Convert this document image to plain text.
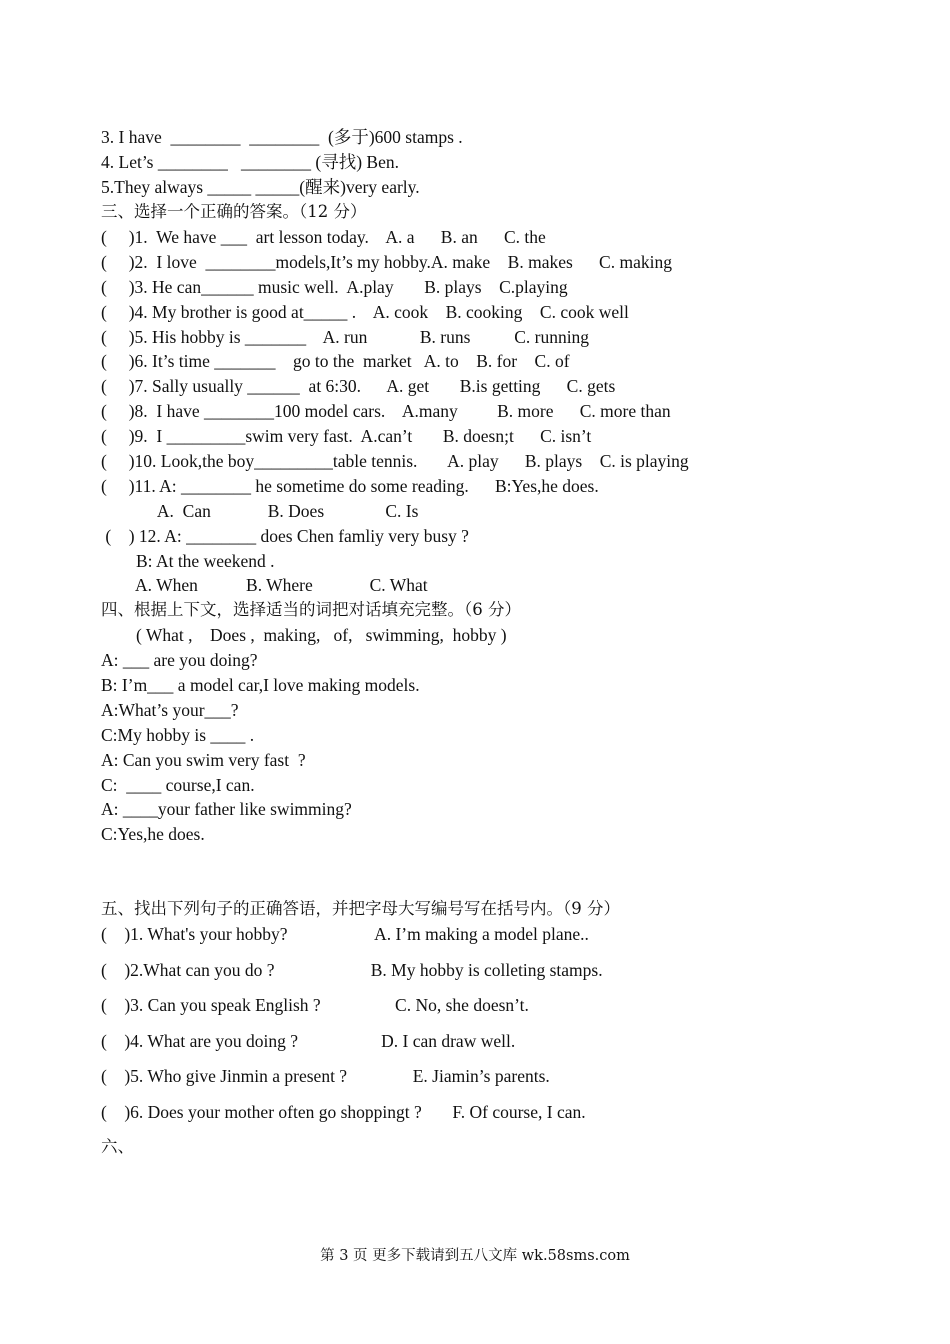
3. I have  ________  ________  (多于)600 stamps .
4. Let’s ________   ________ (寻找) Ben.
5.They always _____ _____(醒来)very early.
三、选择一个正确的答案。（12 分）
(     )1.  We have ___  art lesson today.    A. a      B. an      C. the
(     )2.  I love  ________models,It’s my hobby.A. make    B. makes      C. making
(     )3. He can______ music well.  A.play       B. plays    C.playing
(     )4. My brother is good at_____ .    A. cook    B. cooking    C. cook well
(     )5. His hobby is _______    A. run            B. runs          C. running
(     )6. It’s time _______    go to the  market   A. to    B. for    C. of
(     )7. Sally usually ______  at 6:30.      A. get       B.is getting      C. gets
(     )8.  I have ________100 model cars.    A.many         B. more      C. more than
(     )9.  I _________swim very fast.  A.can’t       B. doesn;t      C. isn’t
(     )10. Look,the boy_________table tennis.       A. play      B. plays    C. is playing
(     )11. A: ________ he sometime do some reading.      B:Yes,he does.
A.  Can             B. Does              C. Is
(    ) 12. A: ________ does Chen famliy very busy ?
B: At the weekend .
A. When           B. Where             C. What
四、根据上下文，选择适当的词把对话填充完整。（6 分）
( What ,    Does ,  making,   of,   swimming,  hobby )
A: ___ are you doing?
B: I’m___ a model car,I love making models.
A:What’s your___?
C:My hobby is ____ .
A: Can you swim very fast  ?
C:  ____ course,I can.
A: ____your father like swimming?
C:Yes,he does.
五、找出下列句子的正确答语，并把字母大写编号写在括号内。（9 分）
(    )1. What's your hobby?                    A. I’m making a model plane..
(    )2.What can you do ?                      B. My hobby is colleting stamps.
(    )3. Can you speak English ?                 C. No, she doesn’t.
(    )4. What are you doing ?                   D. I can draw well.
(    )5. Who give Jinmin a present ?               E. Jiamin’s parents.
(    )6. Does your mother often go shoppingt ?       F. Of course, I can.
六、
第 3 页 更多下载请到五八文库 wk.58sms.com
